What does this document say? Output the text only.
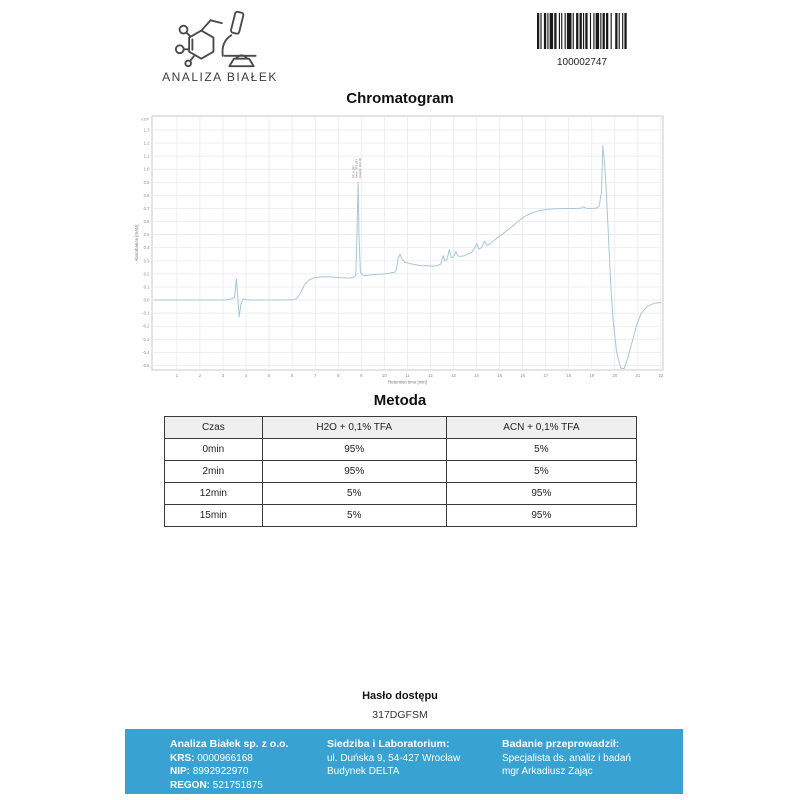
ANALIZA BIAŁEK
100002747
Chromatogram
1	2	3	4	5	6	7	8	9	10	11	12	13	14	15	16	17	18	19	20	21	22
1.3
1.2
1.1
1.0
0.9
0.8
0.7
0.6
0.5
0.4
0.3
0.2
0.1
0.0
-0.1
-0.2
-0.3
-0.4
-0.5
x10²
Retention time [min]
Absorbance [mAU]
RT: 8.287 Area: 373.287 Area%: 100.00
Metoda
Czas	H2O + 0,1% TFA	ACN + 0,1% TFA
0min	95%	5%
2min	95%	5%
12min	5%	95%
15min	5%	95%
Hasło dostępu
317DGFSM
Analiza Białek sp. z o.o.
KRS: 0000966168
NIP: 8992922970
REGON: 521751875
Siedziba i Laboratorium:
ul. Duńska 9, 54-427 Wrocław
Budynek DELTA
Badanie przeprowadził:
Specjalista ds. analiz i badań
mgr Arkadiusz Zając
